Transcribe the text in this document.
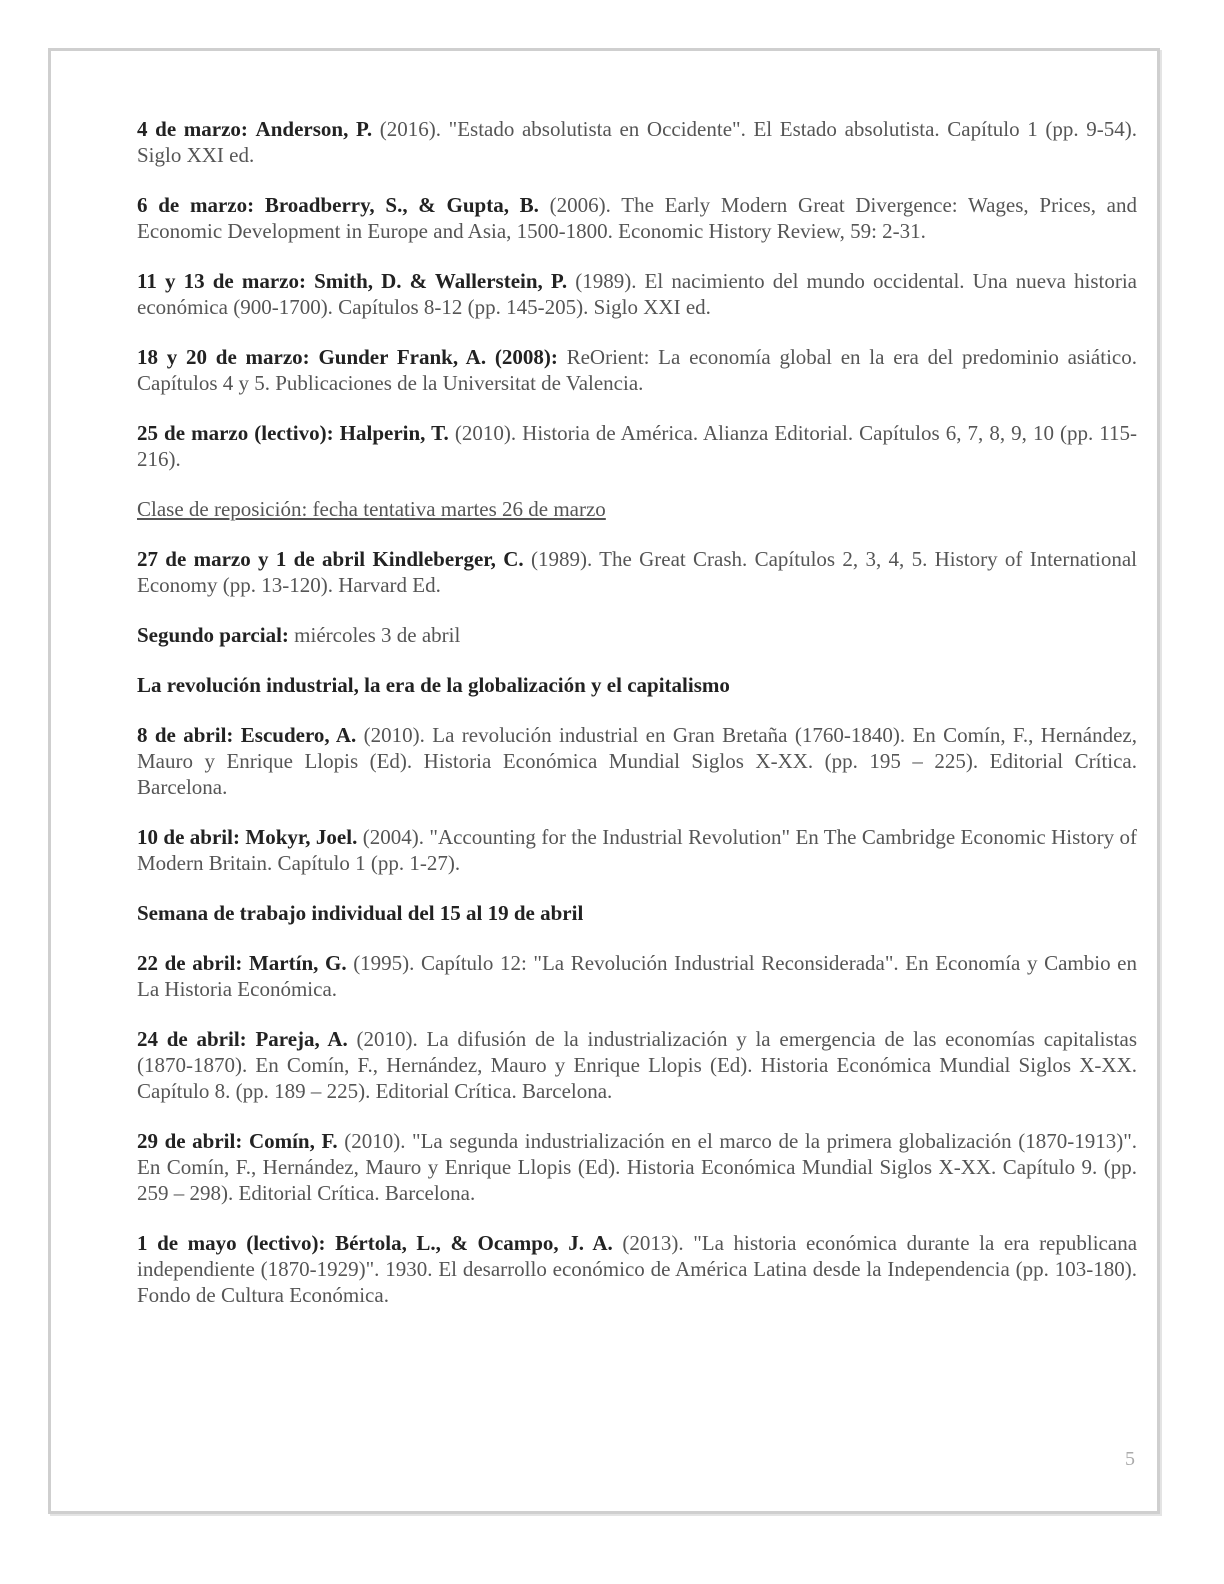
4 de marzo: Anderson, P. (2016). "Estado absolutista en Occidente". El Estado absolutista. Capítulo 1 (pp. 9-54). Siglo XXI ed.

6 de marzo: Broadberry, S., & Gupta, B. (2006). The Early Modern Great Divergence: Wages, Prices, and Economic Development in Europe and Asia, 1500-1800. Economic History Review, 59: 2-31.

11 y 13 de marzo: Smith, D. & Wallerstein, P. (1989). El nacimiento del mundo occidental. Una nueva historia económica (900-1700). Capítulos 8-12 (pp. 145-205). Siglo XXI ed.

18 y 20 de marzo: Gunder Frank, A. (2008): ReOrient: La economía global en la era del predominio asiático. Capítulos 4 y 5. Publicaciones de la Universitat de Valencia.

25 de marzo (lectivo): Halperin, T. (2010). Historia de América. Alianza Editorial. Capítulos 6, 7, 8, 9, 10 (pp. 115-216).

Clase de reposición: fecha tentativa martes 26 de marzo

27 de marzo y 1 de abril Kindleberger, C. (1989). The Great Crash. Capítulos 2, 3, 4, 5. History of International Economy (pp. 13-120). Harvard Ed.

Segundo parcial: miércoles 3 de abril

La revolución industrial, la era de la globalización y el capitalismo

8 de abril: Escudero, A. (2010). La revolución industrial en Gran Bretaña (1760-1840). En Comín, F., Hernández, Mauro y Enrique Llopis (Ed). Historia Económica Mundial Siglos X-XX. (pp. 195 – 225). Editorial Crítica. Barcelona.

10 de abril: Mokyr, Joel. (2004). "Accounting for the Industrial Revolution" En The Cambridge Economic History of Modern Britain. Capítulo 1 (pp. 1-27).

Semana de trabajo individual del 15 al 19 de abril

22 de abril: Martín, G. (1995). Capítulo 12: "La Revolución Industrial Reconsiderada". En Economía y Cambio en La Historia Económica.

24 de abril: Pareja, A. (2010). La difusión de la industrialización y la emergencia de las economías capitalistas (1870-1870). En Comín, F., Hernández, Mauro y Enrique Llopis (Ed). Historia Económica Mundial Siglos X-XX. Capítulo 8. (pp. 189 – 225). Editorial Crítica. Barcelona.

29 de abril: Comín, F. (2010). "La segunda industrialización en el marco de la primera globalización (1870-1913)". En Comín, F., Hernández, Mauro y Enrique Llopis (Ed). Historia Económica Mundial Siglos X-XX. Capítulo 9. (pp. 259 – 298). Editorial Crítica. Barcelona.

1 de mayo (lectivo): Bértola, L., & Ocampo, J. A. (2013). "La historia económica durante la era republicana independiente (1870-1929)". 1930. El desarrollo económico de América Latina desde la Independencia (pp. 103-180). Fondo de Cultura Económica.

5
